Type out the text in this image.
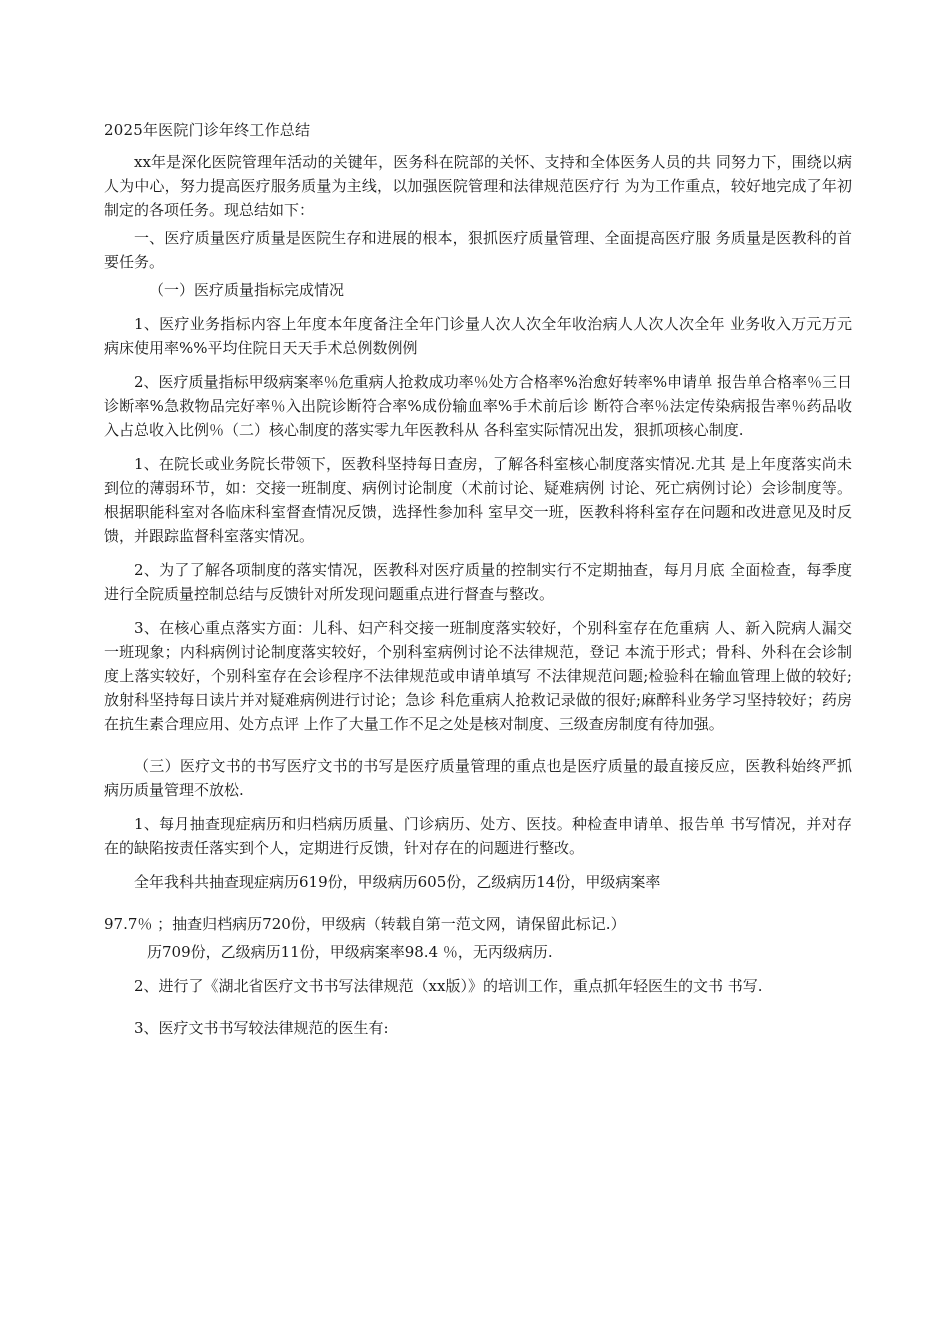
2025年医院门诊年终工作总结

xx年是深化医院管理年活动的关键年，医务科在院部的关怀、支持和全体医务人员的共 同努力下，围绕以病人为中心，努力提高医疗服务质量为主线，以加强医院管理和法律规范医疗行 为为工作重点，较好地完成了年初制定的各项任务。现总结如下：

一、医疗质量医疗质量是医院生存和进展的根本，狠抓医疗质量管理、全面提高医疗服 务质量是医教科的首要任务。

（一）医疗质量指标完成情况

1、医疗业务指标内容上年度本年度备注全年门诊量人次人次全年收治病人人次人次全年 业务收入万元万元病床使用率%%平均住院日天天手术总例数例例

2、医疗质量指标甲级病案率％危重病人抢救成功率％处方合格率%治愈好转率%申请单 报告单合格率％三日诊断率%急救物品完好率％入出院诊断符合率%成份输血率%手术前后诊 断符合率％法定传染病报告率％药品收入占总收入比例％（二）核心制度的落实零九年医教科从 各科室实际情况出发，狠抓项核心制度.

1、在院长或业务院长带领下，医教科坚持每日查房，了解各科室核心制度落实情况.尤其 是上年度落实尚未到位的薄弱环节，如：交接一班制度、病例讨论制度（术前讨论、疑难病例 讨论、死亡病例讨论）会诊制度等。根据职能科室对各临床科室督查情况反馈，选择性参加科 室早交一班，医教科将科室存在问题和改进意见及时反馈，并跟踪监督科室落实情况。

2、为了了解各项制度的落实情况，医教科对医疗质量的控制实行不定期抽查，每月月底 全面检查，每季度进行全院质量控制总结与反馈针对所发现问题重点进行督查与整改。

3、在核心重点落实方面：儿科、妇产科交接一班制度落实较好，个别科室存在危重病 人、新入院病人漏交一班现象；内科病例讨论制度落实较好，个别科室病例讨论不法律规范，登记 本流于形式；骨科、外科在会诊制度上落实较好，个别科室存在会诊程序不法律规范或申请单填写 不法律规范问题;检验科在输血管理上做的较好;放射科坚持每日读片并对疑难病例进行讨论；急诊 科危重病人抢救记录做的很好;麻醉科业务学习坚持较好；药房在抗生素合理应用、处方点评 上作了大量工作不足之处是核对制度、三级查房制度有待加强。

（三）医疗文书的书写医疗文书的书写是医疗质量管理的重点也是医疗质量的最直接反应，医教科始终严抓病历质量管理不放松.

1、每月抽查现症病历和归档病历质量、门诊病历、处方、医技。种检查申请单、报告单 书写情况，并对存在的缺陷按责任落实到个人，定期进行反馈，针对存在的问题进行整改。

全年我科共抽查现症病历619份，甲级病历605份，乙级病历14份，甲级病案率

97.7％ ；抽查归档病历720份，甲级病（转载自第一范文网，请保留此标记.）

历709份，乙级病历11份，甲级病案率98.4 ％，无丙级病历.

2、进行了《湖北省医疗文书书写法律规范（xx版）》的培训工作，重点抓年轻医生的文书 书写.

3、医疗文书书写较法律规范的医生有:
